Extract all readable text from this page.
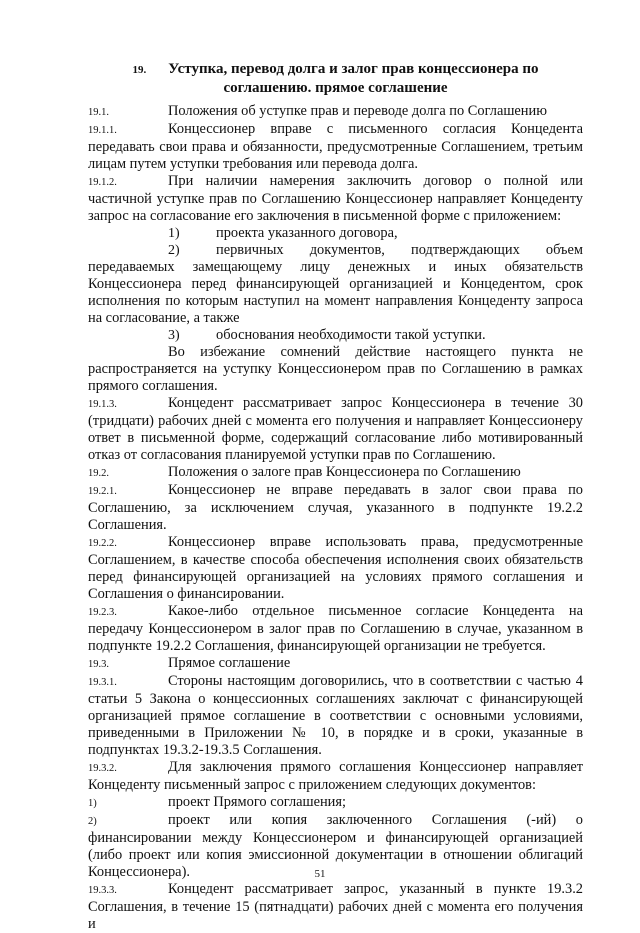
19. Уступка, перевод долга и залог прав концессионера по
соглашению. прямое соглашение

19.1.	Положения об уступке прав и переводе долга по Соглашению

19.1.1.	Концессионер вправе с письменного согласия Концедента передавать свои права и обязанности, предусмотренные Соглашением, третьим лицам путем уступки требования или перевода долга.

19.1.2.	При наличии намерения заключить договор о полной или частичной уступке прав по Соглашению Концессионер направляет Концеденту запрос на согласование его заключения в письменной форме с приложением:

1)	проекта указанного договора,

2)	первичных документов, подтверждающих объем передаваемых замещающему лицу денежных и иных обязательств Концессионера перед финансирующей организацией и Концедентом, срок исполнения по которым наступил на момент направления Концеденту запроса на согласование, а также

3)	обоснования необходимости такой уступки.

Во избежание сомнений действие настоящего пункта не распространяется на уступку Концессионером прав по Соглашению в рамках прямого соглашения.

19.1.3.	Концедент рассматривает запрос Концессионера в течение 30 (тридцати) рабочих дней с момента его получения и направляет Концессионеру ответ в письменной форме, содержащий согласование либо мотивированный отказ от согласования планируемой уступки прав по Соглашению.

19.2.	Положения о залоге прав Концессионера по Соглашению

19.2.1.	Концессионер не вправе передавать в залог свои права по Соглашению, за исключением случая, указанного в подпункте 19.2.2 Соглашения.

19.2.2.	Концессионер вправе использовать права, предусмотренные Соглашением, в качестве способа обеспечения исполнения своих обязательств перед финансирующей организацией на условиях прямого соглашения и Соглашения о финансировании.

19.2.3.	Какое-либо отдельное письменное согласие Концедента на передачу Концессионером в залог прав по Соглашению в случае, указанном в подпункте 19.2.2 Соглашения, финансирующей организации не требуется.

19.3.	Прямое соглашение

19.3.1.	Стороны настоящим договорились, что в соответствии с частью 4 статьи 5 Закона о концессионных соглашениях заключат с финансирующей организацией прямое соглашение в соответствии с основными условиями, приведенными в Приложении № 10, в порядке и в сроки, указанные в подпунктах 19.3.2-19.3.5 Соглашения.

19.3.2.	Для заключения прямого соглашения Концессионер направляет Концеденту письменный запрос с приложением следующих документов:

1)	проект Прямого соглашения;

2)	проект или копия заключенного Соглашения (-ий) о финансировании между Концессионером и финансирующей организацией (либо проект или копия эмиссионной документации в отношении облигаций Концессионера).

19.3.3.	Концедент рассматривает запрос, указанный в пункте 19.3.2 Соглашения, в течение 15 (пятнадцати) рабочих дней с момента его получения и

51
